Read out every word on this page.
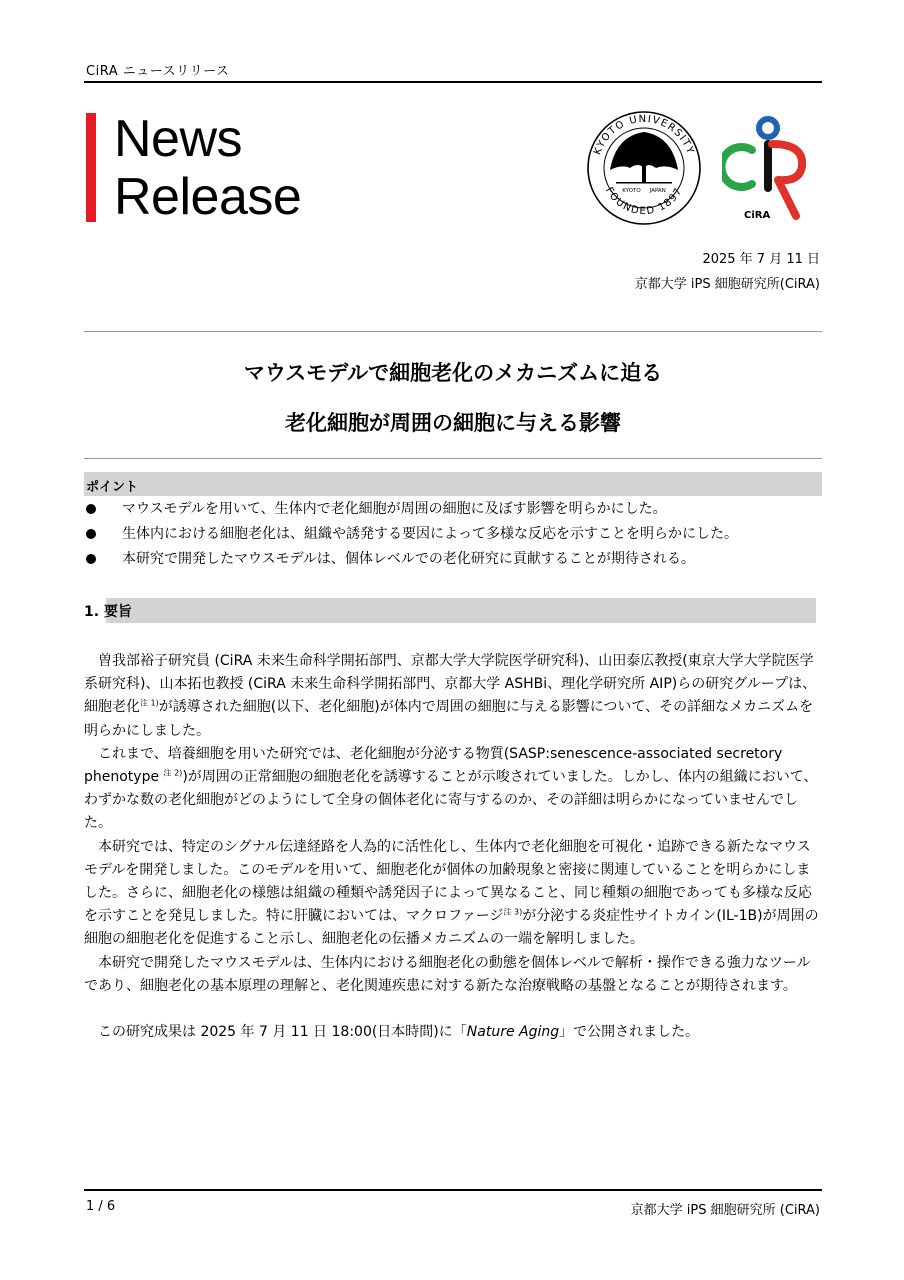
CiRA ニュースリリース
News
Release
KYOTO UNIVERSITY
FOUNDED 1897
KYOTO 　 JAPAN
CiRA
2025 年 7 月 11 日
京都大学 iPS 細胞研究所(CiRA)
マウスモデルで細胞老化のメカニズムに迫る
老化細胞が周囲の細胞に与える影響
ポイント
マウスモデルを用いて、生体内で老化細胞が周囲の細胞に及ぼす影響を明らかにした。
生体内における細胞老化は、組織や誘発する要因によって多様な反応を示すことを明らかにした。
本研究で開発したマウスモデルは、個体レベルでの老化研究に貢献することが期待される。
1. 要旨

　曽我部裕子研究員 (CiRA 未来生命科学開拓部門、京都大学大学院医学研究科)、山田泰広教授(東京大学大学院医学系研究科)、山本拓也教授 (CiRA 未来生命科学開拓部門、京都大学 ASHBi、理化学研究所 AIP)らの研究グループは、細胞老化$^{注 1)}$が誘導された細胞(以下、老化細胞)が体内で周囲の細胞に与える影響について、その詳細なメカニズムを明らかにしました。

　これまで、培養細胞を用いた研究では、老化細胞が分泌する物質(SASP:senescence-associated secretory phenotype $^{注 2)}$)が周囲の正常細胞の細胞老化を誘導することが示唆されていました。しかし、体内の組織において、わずかな数の老化細胞がどのようにして全身の個体老化に寄与するのか、その詳細は明らかになっていませんでした。

　本研究では、特定のシグナル伝達経路を人為的に活性化し、生体内で老化細胞を可視化・追跡できる新たなマウスモデルを開発しました。このモデルを用いて、細胞老化が個体の加齢現象と密接に関連していることを明らかにしました。さらに、細胞老化の様態は組織の種類や誘発因子によって異なること、同じ種類の細胞であっても多様な反応を示すことを発見しました。特に肝臓においては、マクロファージ$^{注 3)}$が分泌する炎症性サイトカイン(IL-1B)が周囲の細胞の細胞老化を促進すること示し、細胞老化の伝播メカニズムの一端を解明しました。

　本研究で開発したマウスモデルは、生体内における細胞老化の動態を個体レベルで解析・操作できる強力なツールであり、細胞老化の基本原理の理解と、老化関連疾患に対する新たな治療戦略の基盤となることが期待されます。

　この研究成果は 2025 年 7 月 11 日 18:00(日本時間)に「Nature Aging」で公開されました。

1 / 6	京都大学 iPS 細胞研究所 (CiRA)
